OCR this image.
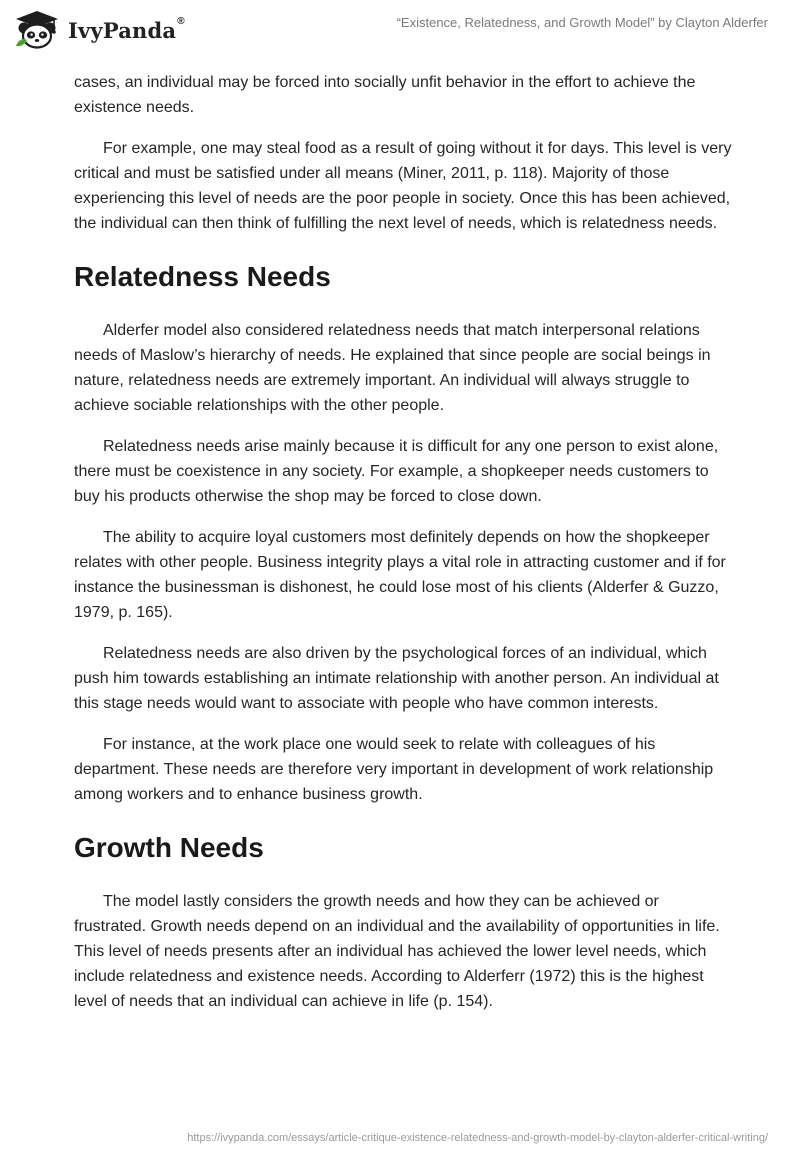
IvyPanda®	“Existence, Relatedness, and Growth Model” by Clayton Alderfer

cases, an individual may be forced into socially unfit behavior in the effort to achieve the existence needs.

For example, one may steal food as a result of going without it for days. This level is very critical and must be satisfied under all means (Miner, 2011, p. 118). Majority of those experiencing this level of needs are the poor people in society. Once this has been achieved, the individual can then think of fulfilling the next level of needs, which is relatedness needs.

Relatedness Needs

Alderfer model also considered relatedness needs that match interpersonal relations needs of Maslow’s hierarchy of needs. He explained that since people are social beings in nature, relatedness needs are extremely important. An individual will always struggle to achieve sociable relationships with the other people.

Relatedness needs arise mainly because it is difficult for any one person to exist alone, there must be coexistence in any society. For example, a shopkeeper needs customers to buy his products otherwise the shop may be forced to close down.

The ability to acquire loyal customers most definitely depends on how the shopkeeper relates with other people. Business integrity plays a vital role in attracting customer and if for instance the businessman is dishonest, he could lose most of his clients (Alderfer & Guzzo, 1979, p. 165).

Relatedness needs are also driven by the psychological forces of an individual, which push him towards establishing an intimate relationship with another person. An individual at this stage needs would want to associate with people who have common interests.

For instance, at the work place one would seek to relate with colleagues of his department. These needs are therefore very important in development of work relationship among workers and to enhance business growth.

Growth Needs

The model lastly considers the growth needs and how they can be achieved or frustrated. Growth needs depend on an individual and the availability of opportunities in life. This level of needs presents after an individual has achieved the lower level needs, which include relatedness and existence needs. According to Alderferr (1972) this is the highest level of needs that an individual can achieve in life (p. 154).

https://ivypanda.com/essays/article-critique-existence-relatedness-and-growth-model-by-clayton-alderfer-critical-writing/
